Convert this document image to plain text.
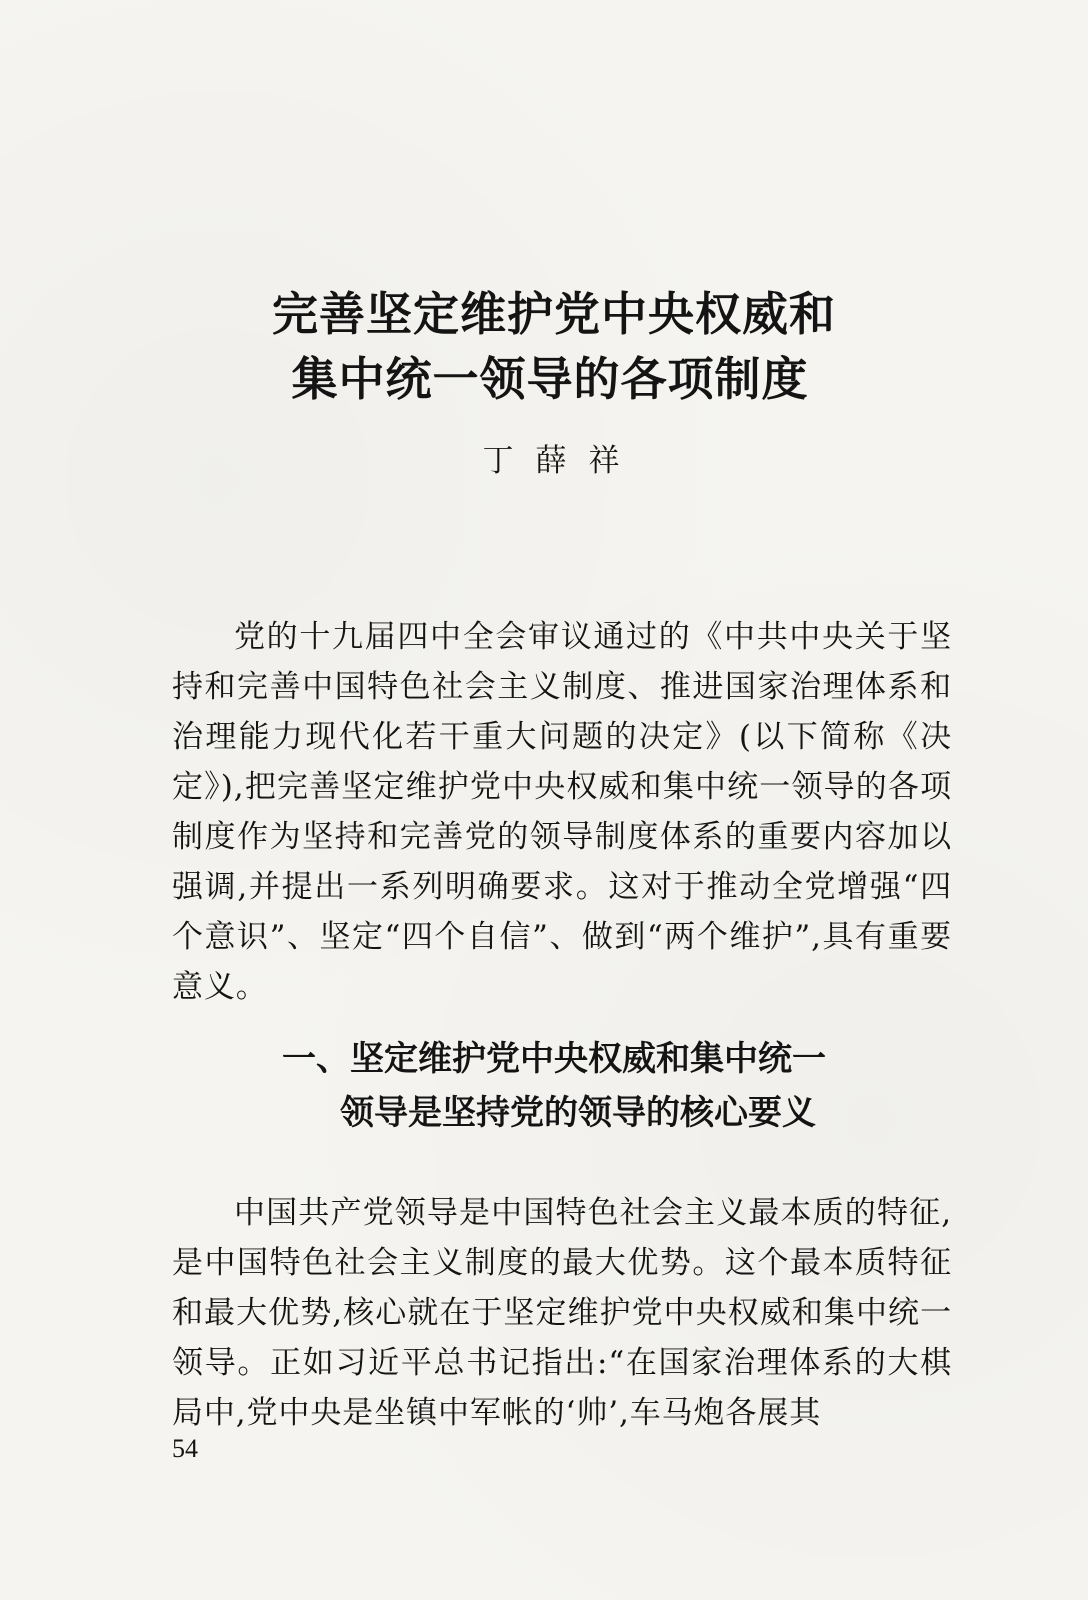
完善坚定维护党中央权威和
集中统一领导的各项制度

丁薛祥

党的十九届四中全会审议通过的《中共中央关于坚持和完善中国特色社会主义制度、推进国家治理体系和治理能力现代化若干重大问题的决定》(以下简称《决定》),把完善坚定维护党中央权威和集中统一领导的各项制度作为坚持和完善党的领导制度体系的重要内容加以强调,并提出一系列明确要求。这对于推动全党增强“四个意识”、坚定“四个自信”、做到“两个维护”,具有重要意义。

一、坚定维护党中央权威和集中统一
领导是坚持党的领导的核心要义

中国共产党领导是中国特色社会主义最本质的特征,是中国特色社会主义制度的最大优势。这个最本质特征和最大优势,核心就在于坚定维护党中央权威和集中统一领导。正如习近平总书记指出:“在国家治理体系的大棋局中,党中央是坐镇中军帐的‘帅’,车马炮各展其

54
